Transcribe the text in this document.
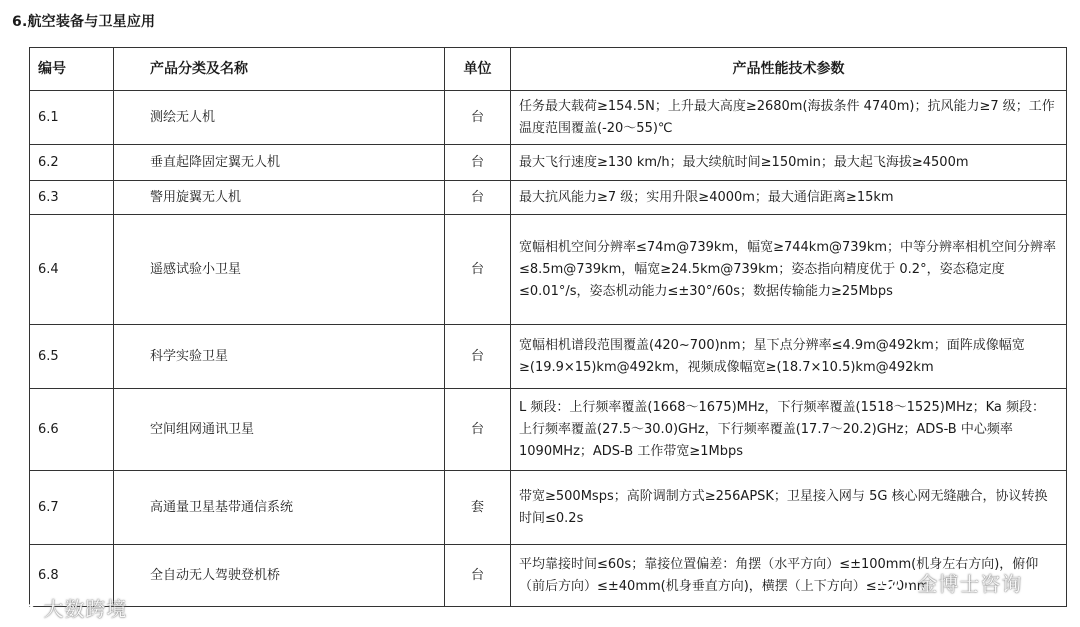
6.航空装备与卫星应用
编号	产品分类及名称	单位	产品性能技术参数
6.1	测绘无人机	台	任务最大载荷≥154.5N；上升最大高度≥2680m(海拔条件 4740m)；抗风能力≥7 级；工作温度范围覆盖(-20～55)℃
6.2	垂直起降固定翼无人机	台	最大飞行速度≥130 km/h；最大续航时间≥150min；最大起飞海拔≥4500m
6.3	警用旋翼无人机	台	最大抗风能力≥7 级；实用升限≥4000m；最大通信距离≥15km
6.4	遥感试验小卫星	台	宽幅相机空间分辨率≤74m@739km，幅宽≥744km@739km；中等分辨率相机空间分辨率≤8.5m@739km，幅宽≥24.5km@739km；姿态指向精度优于 0.2°，姿态稳定度≤0.01°/s，姿态机动能力≤±30°/60s；数据传输能力≥25Mbps
6.5	科学实验卫星	台	宽幅相机谱段范围覆盖(420~700)nm；星下点分辨率≤4.9m@492km；面阵成像幅宽≥(19.9×15)km@492km，视频成像幅宽≥(18.7×10.5)km@492km
6.6	空间组网通讯卫星	台	L 频段：上行频率覆盖(1668～1675)MHz，下行频率覆盖(1518～1525)MHz；Ka 频段：上行频率覆盖(27.5～30.0)GHz，下行频率覆盖(17.7～20.2)GHz；ADS-B 中心频率 1090MHz；ADS-B 工作带宽≥1Mbps
6.7	高通量卫星基带通信系统	套	带宽≥500Msps；高阶调制方式≥256APSK；卫星接入网与 5G 核心网无缝融合，协议转换时间≤0.2s
6.8	全自动无人驾驶登机桥	台	平均靠接时间≤60s；靠接位置偏差：角摆（水平方向）≤±100mm(机身左右方向)，俯仰（前后方向）≤±40mm(机身垂直方向)，横摆（上下方向）≤±20mm
大数跨境
金博士咨询
